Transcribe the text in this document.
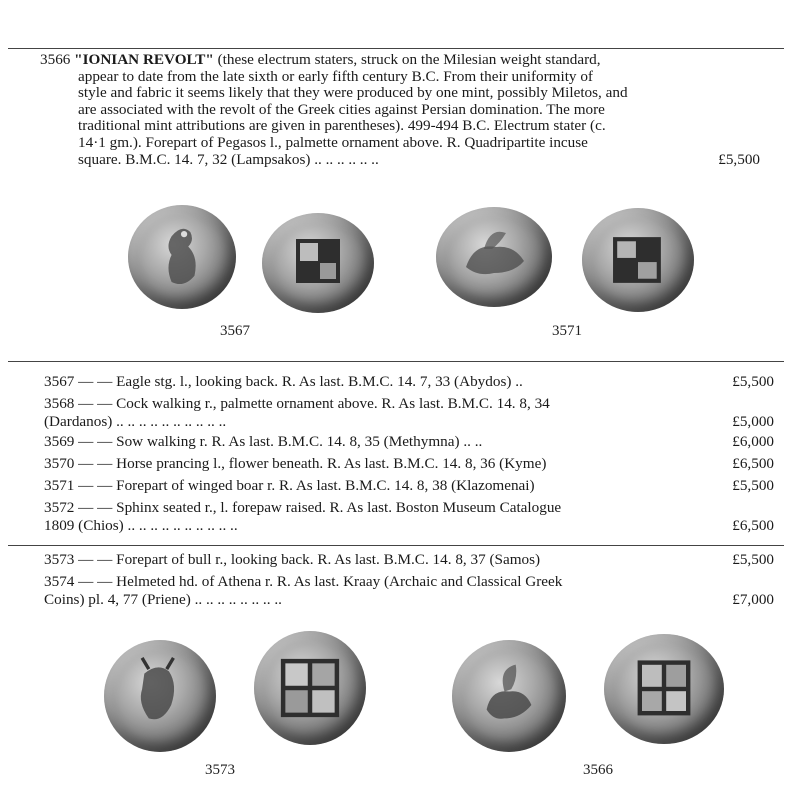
3566 "IONIAN REVOLT" (these electrum staters, struck on the Milesian weight standard,
appear to date from the late sixth or early fifth century B.C. From their uniformity of
style and fabric it seems likely that they were produced by one mint, possibly Miletos, and
are associated with the revolt of the Greek cities against Persian domination. The more
traditional mint attributions are given in parentheses). 499-494 B.C. Electrum stater (c.
14·1 gm.). Forepart of Pegasos l., palmette ornament above. R. Quadripartite incuse
square. B.M.C. 14. 7, 32 (Lampsakos) .. .. .. .. .. ..	£5,500
3567	3571
3567 — — Eagle stg. l., looking back. R. As last. B.M.C. 14. 7, 33 (Abydos) ..	£5,500
3568 — — Cock walking r., palmette ornament above. R. As last. B.M.C. 14. 8, 34
(Dardanos) .. .. .. .. .. .. .. .. .. ..	£5,000
3569 — — Sow walking r. R. As last. B.M.C. 14. 8, 35 (Methymna) .. ..	£6,000
3570 — — Horse prancing l., flower beneath. R. As last. B.M.C. 14. 8, 36 (Kyme)	£6,500
3571 — — Forepart of winged boar r. R. As last. B.M.C. 14. 8, 38 (Klazomenai)	£5,500
3572 — — Sphinx seated r., l. forepaw raised. R. As last. Boston Museum Catalogue
1809 (Chios) .. .. .. .. .. .. .. .. .. ..	£6,500
3573 — — Forepart of bull r., looking back. R. As last. B.M.C. 14. 8, 37 (Samos)	£5,500
3574 — — Helmeted hd. of Athena r. R. As last. Kraay (Archaic and Classical Greek
Coins) pl. 4, 77 (Priene) .. .. .. .. .. .. .. ..	£7,000
3573	3566
